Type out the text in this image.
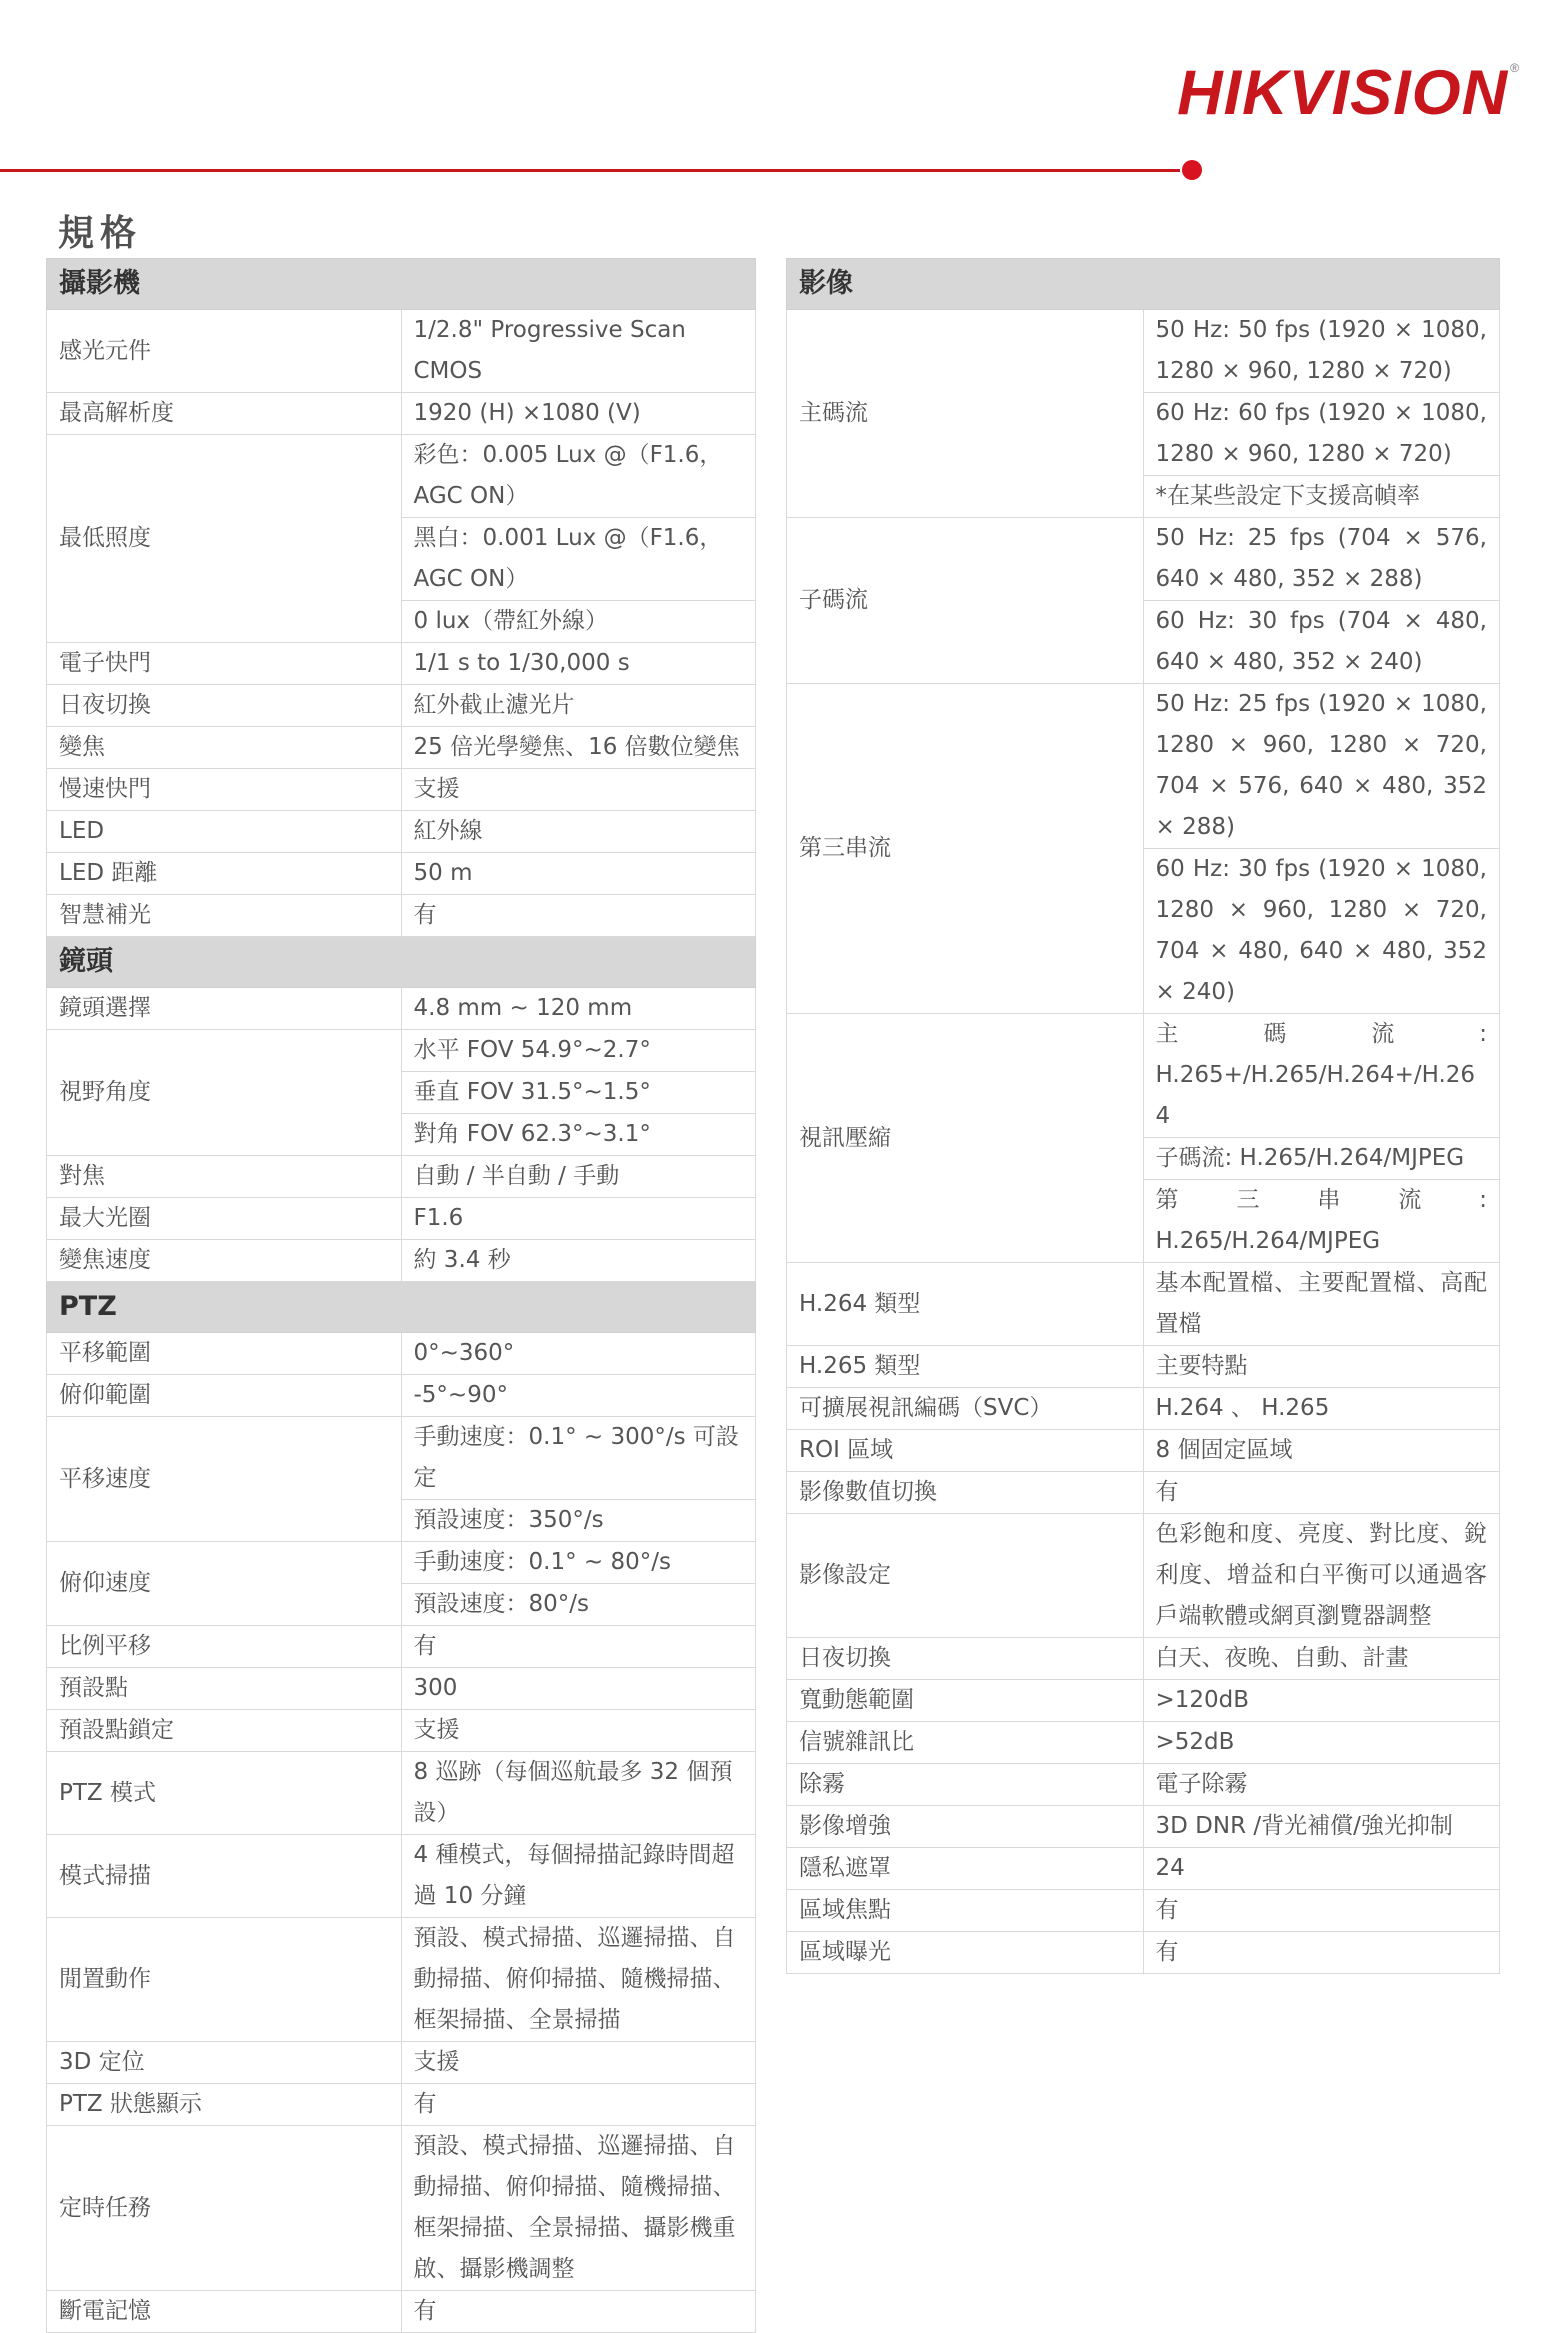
HIKVISION ®
規格
攝影機	
感光元件	1/2.8" Progressive Scan CMOS

最高解析度	1920 (H) ×1080 (V)

最低照度	彩色：0.005 Lux @（F1.6，AGC ON）
黑白：0.001 Lux @（F1.6，AGC ON）
0 lux（帶紅外線）

電子快門	1/1 s to 1/30,000 s

日夜切換	紅外截止濾光片

變焦	25 倍光學變焦、16 倍數位變焦

慢速快門	支援

LED	紅外線

LED 距離	50 m

智慧補光	有

鏡頭	
鏡頭選擇	4.8 mm ~ 120 mm

視野角度	水平 FOV 54.9°~2.7°
垂直 FOV 31.5°~1.5°
對角 FOV 62.3°~3.1°

對焦	自動 / 半自動 / 手動

最大光圈	F1.6

變焦速度	約 3.4 秒

PTZ	
平移範圍	0°~360°

俯仰範圍	-5°~90°

平移速度	手動速度：0.1° ~ 300°/s 可設定
預設速度：350°/s

俯仰速度	手動速度：0.1° ~ 80°/s
預設速度：80°/s

比例平移	有

預設點	300

預設點鎖定	支援

PTZ 模式	8 巡跡（每個巡航最多 32 個預設）

模式掃描	4 種模式，每個掃描記錄時間超過 10 分鐘

閒置動作	預設、模式掃描、巡邏掃描、自動掃描、俯仰掃描、隨機掃描、框架掃描、全景掃描

3D 定位	支援

PTZ 狀態顯示	有

定時任務	預設、模式掃描、巡邏掃描、自動掃描、俯仰掃描、隨機掃描、框架掃描、全景掃描、攝影機重啟、攝影機調整

斷電記憶	有
影像	
主碼流	50 Hz: 50 fps (1920 × 1080, 1280 × 960, 1280 × 720)
60 Hz: 60 fps (1920 × 1080, 1280 × 960, 1280 × 720)
*在某些設定下支援高幀率

子碼流	50 Hz: 25 fps (704 × 576, 640 × 480, 352 × 288)
60 Hz: 30 fps (704 × 480, 640 × 480, 352 × 240)

第三串流	50 Hz: 25 fps (1920 × 1080, 1280 × 960, 1280 × 720, 704 × 576, 640 × 480, 352 × 288)
60 Hz: 30 fps (1920 × 1080, 1280 × 960, 1280 × 720, 704 × 480, 640 × 480, 352 × 240)

視訊壓縮	主碼流: H.265+/H.265/H.264+/H.264
子碼流: H.265/H.264/MJPEG
第三串流: H.265/H.264/MJPEG

H.264 類型	基本配置檔、主要配置檔、高配置檔

H.265 類型	主要特點

可擴展視訊編碼（SVC）	H.264 、 H.265

ROI 區域	8 個固定區域

影像數值切換	有

影像設定	色彩飽和度、亮度、對比度、銳利度、增益和白平衡可以通過客戶端軟體或網頁瀏覽器調整

日夜切換	白天、夜晚、自動、計畫

寬動態範圍	>120dB

信號雜訊比	>52dB

除霧	電子除霧

影像增強	3D DNR /背光補償/強光抑制

隱私遮罩	24

區域焦點	有

區域曝光	有
